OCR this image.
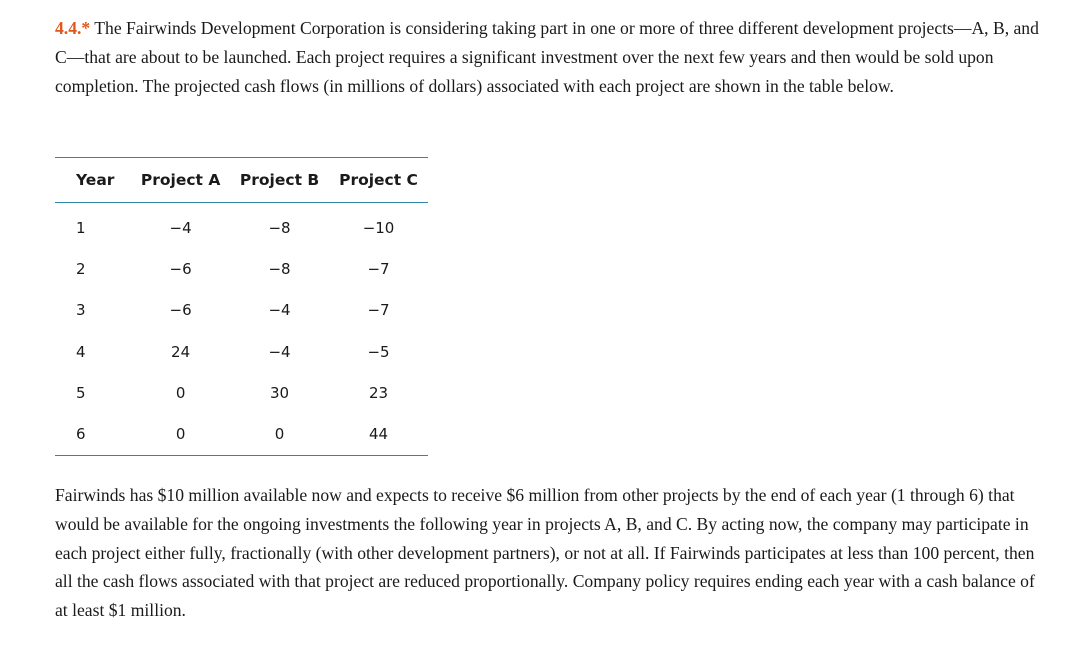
4.4.* The Fairwinds Development Corporation is considering taking part in one or more of three different development projects—A, B, and C—that are about to be launched. Each project requires a significant investment over the next few years and then would be sold upon completion. The projected cash flows (in millions of dollars) associated with each project are shown in the table below.

Year	Project A	Project B	Project C
1	−4	−8	−10
2	−6	−8	−7
3	−6	−4	−7
4	24	−4	−5
5	0	30	23
6	0	0	44

Fairwinds has $10 million available now and expects to receive $6 million from other projects by the end of each year (1 through 6) that would be available for the ongoing investments the following year in projects A, B, and C. By acting now, the company may participate in each project either fully, fractionally (with other development partners), or not at all. If Fairwinds participates at less than 100 percent, then all the cash flows associated with that project are reduced proportionally. Company policy requires ending each year with a cash balance of at least $1 million.
